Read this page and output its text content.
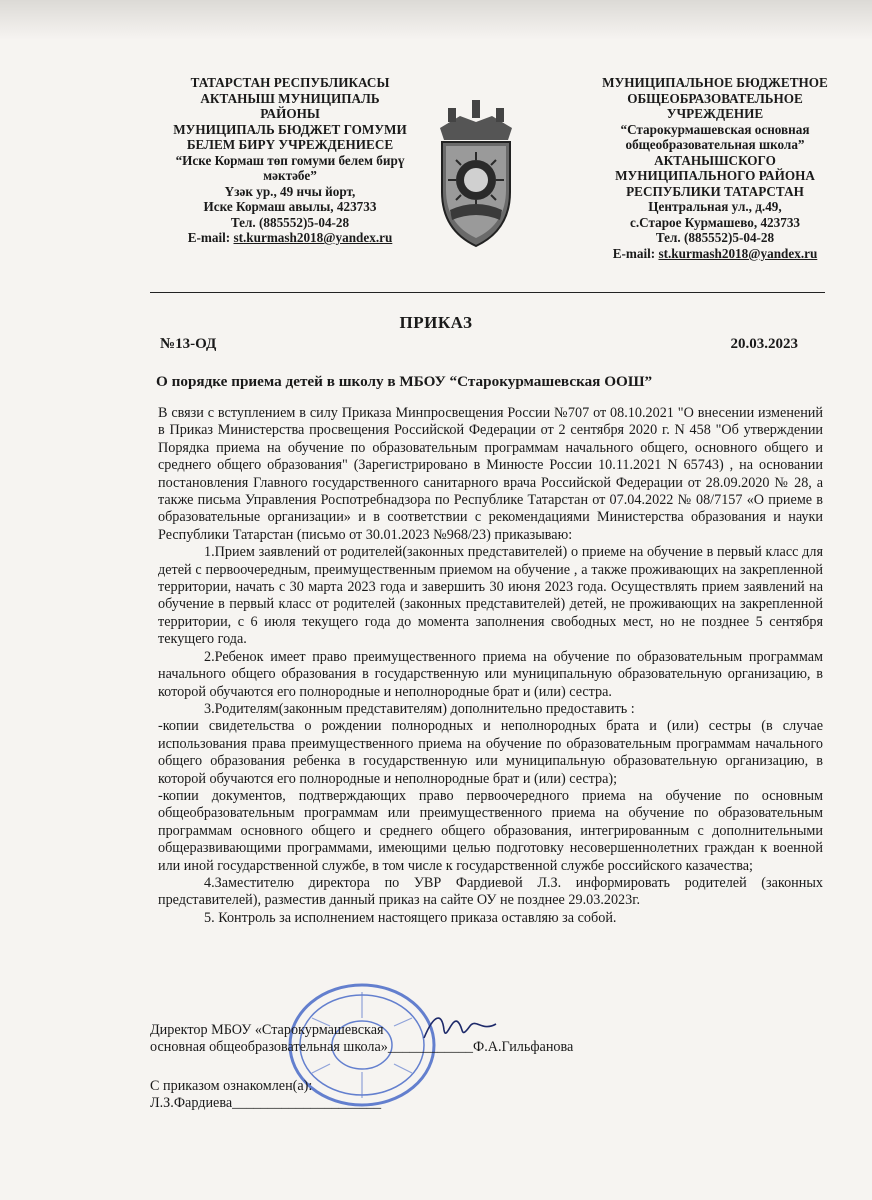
ТАТАРСТАН РЕСПУБЛИКАСЫ
АКТАНЫШ МУНИЦИПАЛЬ
РАЙОНЫ
МУНИЦИПАЛЬ БЮДЖЕТ ГОМУМИ
БЕЛЕМ БИРҮ УЧРЕЖДЕНИЕСЕ
“Иске Кормаш төп гомуми белем бирү
мәктәбе”
Үзәк ур., 49 нчы йорт,
Иске Кормаш авылы, 423733
Тел. (885552)5-04-28
E-mail: st.kurmash2018@yandex.ru
МУНИЦИПАЛЬНОЕ БЮДЖЕТНОЕ
ОБЩЕОБРАЗОВАТЕЛЬНОЕ
УЧРЕЖДЕНИЕ
“Старокурмашевская основная
общеобразовательная школа”
АКТАНЫШСКОГО
МУНИЦИПАЛЬНОГО РАЙОНА
РЕСПУБЛИКИ ТАТАРСТАН
Центральная ул., д.49,
с.Старое Курмашево, 423733
Тел. (885552)5-04-28
E-mail: st.kurmash2018@yandex.ru
ПРИКАЗ
№13-ОД	20.03.2023
О порядке приема детей в школу в МБОУ “Старокурмашевская ООШ”

В связи с вступлением в силу Приказа Минпросвещения России №707 от 08.10.2021 "О внесении изменений в Приказ Министерства просвещения Российской Федерации от 2 сентября 2020 г. N 458 "Об утверждении Порядка приема на обучение по образовательным программам начального общего, основного общего и среднего общего образования" (Зарегистрировано в Минюсте России 10.11.2021 N 65743) , на основании постановления Главного государственного санитарного врача Российской Федерации от 28.09.2020 № 28, а также письма Управления Роспотребнадзора по Республике Татарстан от 07.04.2022 № 08/7157 «О приеме в образовательные организации» и в соответствии с рекомендациями Министерства образования и науки Республики Татарстан (письмо от 30.01.2023 №968/23) приказываю:

1.Прием заявлений от родителей(законных представителей) о приеме на обучение в первый класс для детей с первоочередным, преимущественным приемом на обучение , а также проживающих на закрепленной территории, начать с 30 марта 2023 года и завершить 30 июня 2023 года. Осуществлять прием заявлений на обучение в первый класс от родителей (законных представителей) детей, не проживающих на закрепленной территории, с 6 июля текущего года до момента заполнения свободных мест, но не позднее 5 сентября текущего года.

2.Ребенок имеет право преимущественного приема на обучение по образовательным программам начального общего образования в государственную или муниципальную образовательную организацию, в которой обучаются его полнородные и неполнородные брат и (или) сестра.

3.Родителям(законным представителям) дополнительно предоставить :

-копии свидетельства о рождении полнородных и неполнородных брата и (или) сестры (в случае использования права преимущественного приема на обучение по образовательным программам начального общего образования ребенка в государственную или муниципальную образовательную организацию, в которой обучаются его полнородные и неполнородные брат и (или) сестра);

-копии документов, подтверждающих право первоочередного приема на обучение по основным общеобразовательным программам или преимущественного приема на обучение по образовательным программам основного общего и среднего общего образования, интегрированным с дополнительными общеразвивающими программами, имеющими целью подготовку несовершеннолетних граждан к военной или иной государственной службе, в том числе к государственной службе российского казачества;

4.Заместителю директора по УВР Фардиевой Л.З. информировать родителей (законных представителей), разместив данный приказ на сайте ОУ не позднее 29.03.2023г.

5. Контроль за исполнением настоящего приказа оставляю за собой.

Директор МБОУ «Старокурмашевская
основная общеобразовательная школа»____________Ф.А.Гильфанова
С приказом ознакомлен(а):
Л.З.Фардиева_____________________
